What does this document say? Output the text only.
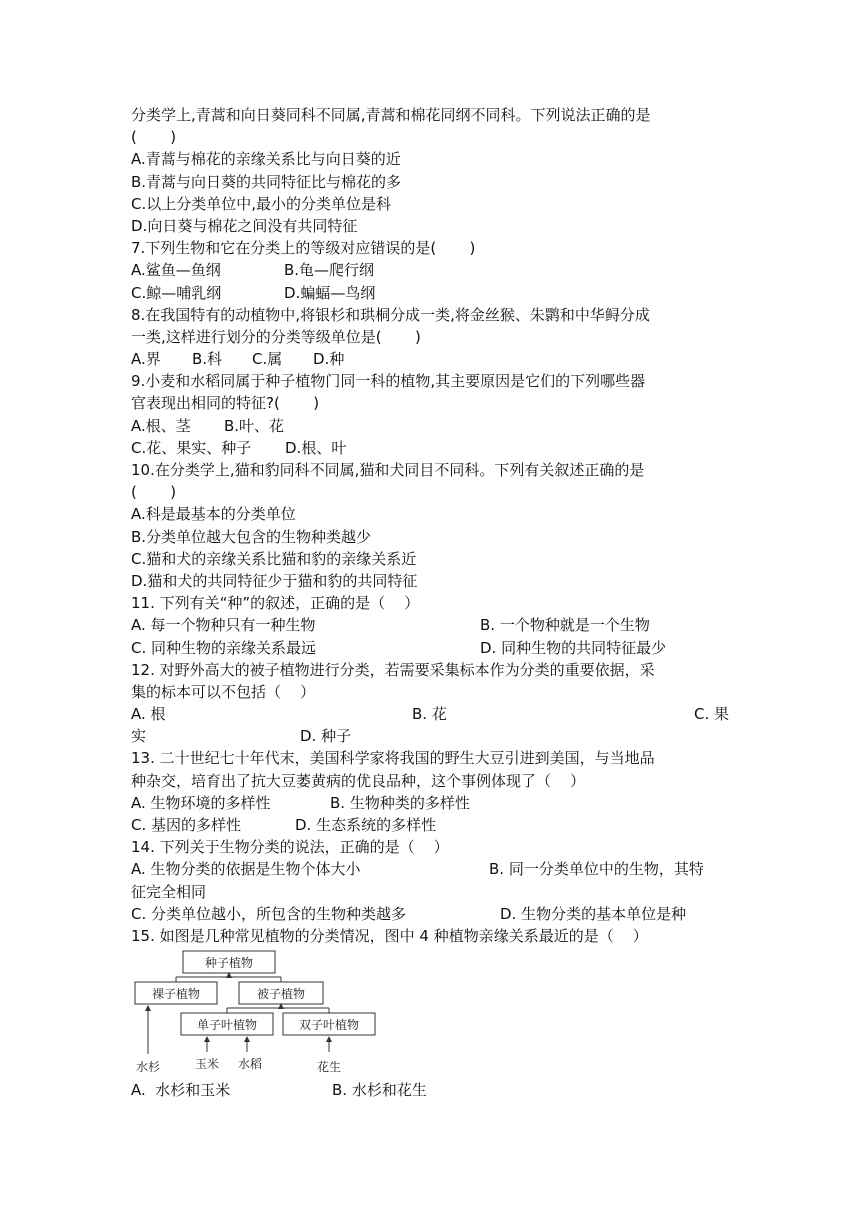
分类学上,青蒿和向日葵同科不同属,青蒿和棉花同纲不同科。下列说法正确的是
(       )
A.青蒿与棉花的亲缘关系比与向日葵的近
B.青蒿与向日葵的共同特征比与棉花的多
C.以上分类单位中,最小的分类单位是科
D.向日葵与棉花之间没有共同特征
7.下列生物和它在分类上的等级对应错误的是(       )
A.鲨鱼—鱼纲	B.龟—爬行纲
C.鲸—哺乳纲	D.蝙蝠—鸟纲
8.在我国特有的动植物中,将银杉和珙桐分成一类,将金丝猴、朱鹮和中华鲟分成
一类,这样进行划分的分类等级单位是(       )
A.界 B.科 C.属 D.种
9.小麦和水稻同属于种子植物门同一科的植物,其主要原因是它们的下列哪些器
官表现出相同的特征?(       )
A.根、茎 B.叶、花
C.花、果实、种子 D.根、叶
10.在分类学上,猫和豹同科不同属,猫和犬同目不同科。下列有关叙述正确的是
(       )
A.科是最基本的分类单位
B.分类单位越大包含的生物种类越少
C.猫和犬的亲缘关系比猫和豹的亲缘关系近
D.猫和犬的共同特征少于猫和豹的共同特征
11. 下列有关“种”的叙述，正确的是（    ）
A. 每一个物种只有一种生物	B. 一个物种就是一个生物
C. 同种生物的亲缘关系最远	D. 同种生物的共同特征最少
12. 对野外高大的被子植物进行分类，若需要采集标本作为分类的重要依据，采
集的标本可以不包括（    ）
A. 根	B. 花	C. 果
实	D. 种子
13. 二十世纪七十年代末，美国科学家将我国的野生大豆引进到美国，与当地品
种杂交，培育出了抗大豆萎黄病的优良品种，这个事例体现了（    ）
A. 生物环境的多样性	B. 生物种类的多样性
C. 基因的多样性	D. 生态系统的多样性
14. 下列关于生物分类的说法，正确的是（    ）
A. 生物分类的依据是生物个体大小	B. 同一分类单位中的生物，其特
征完全相同
C. 分类单位越小，所包含的生物种类越多	D. 生物分类的基本单位是种
15. 如图是几种常见植物的分类情况，图中 4 种植物亲缘关系最近的是（    ）
种子植物
裸子植物	被子植物
单子叶植物	双子叶植物
水杉	玉米 水稻	花生
A.  水杉和玉米	B. 水杉和花生
